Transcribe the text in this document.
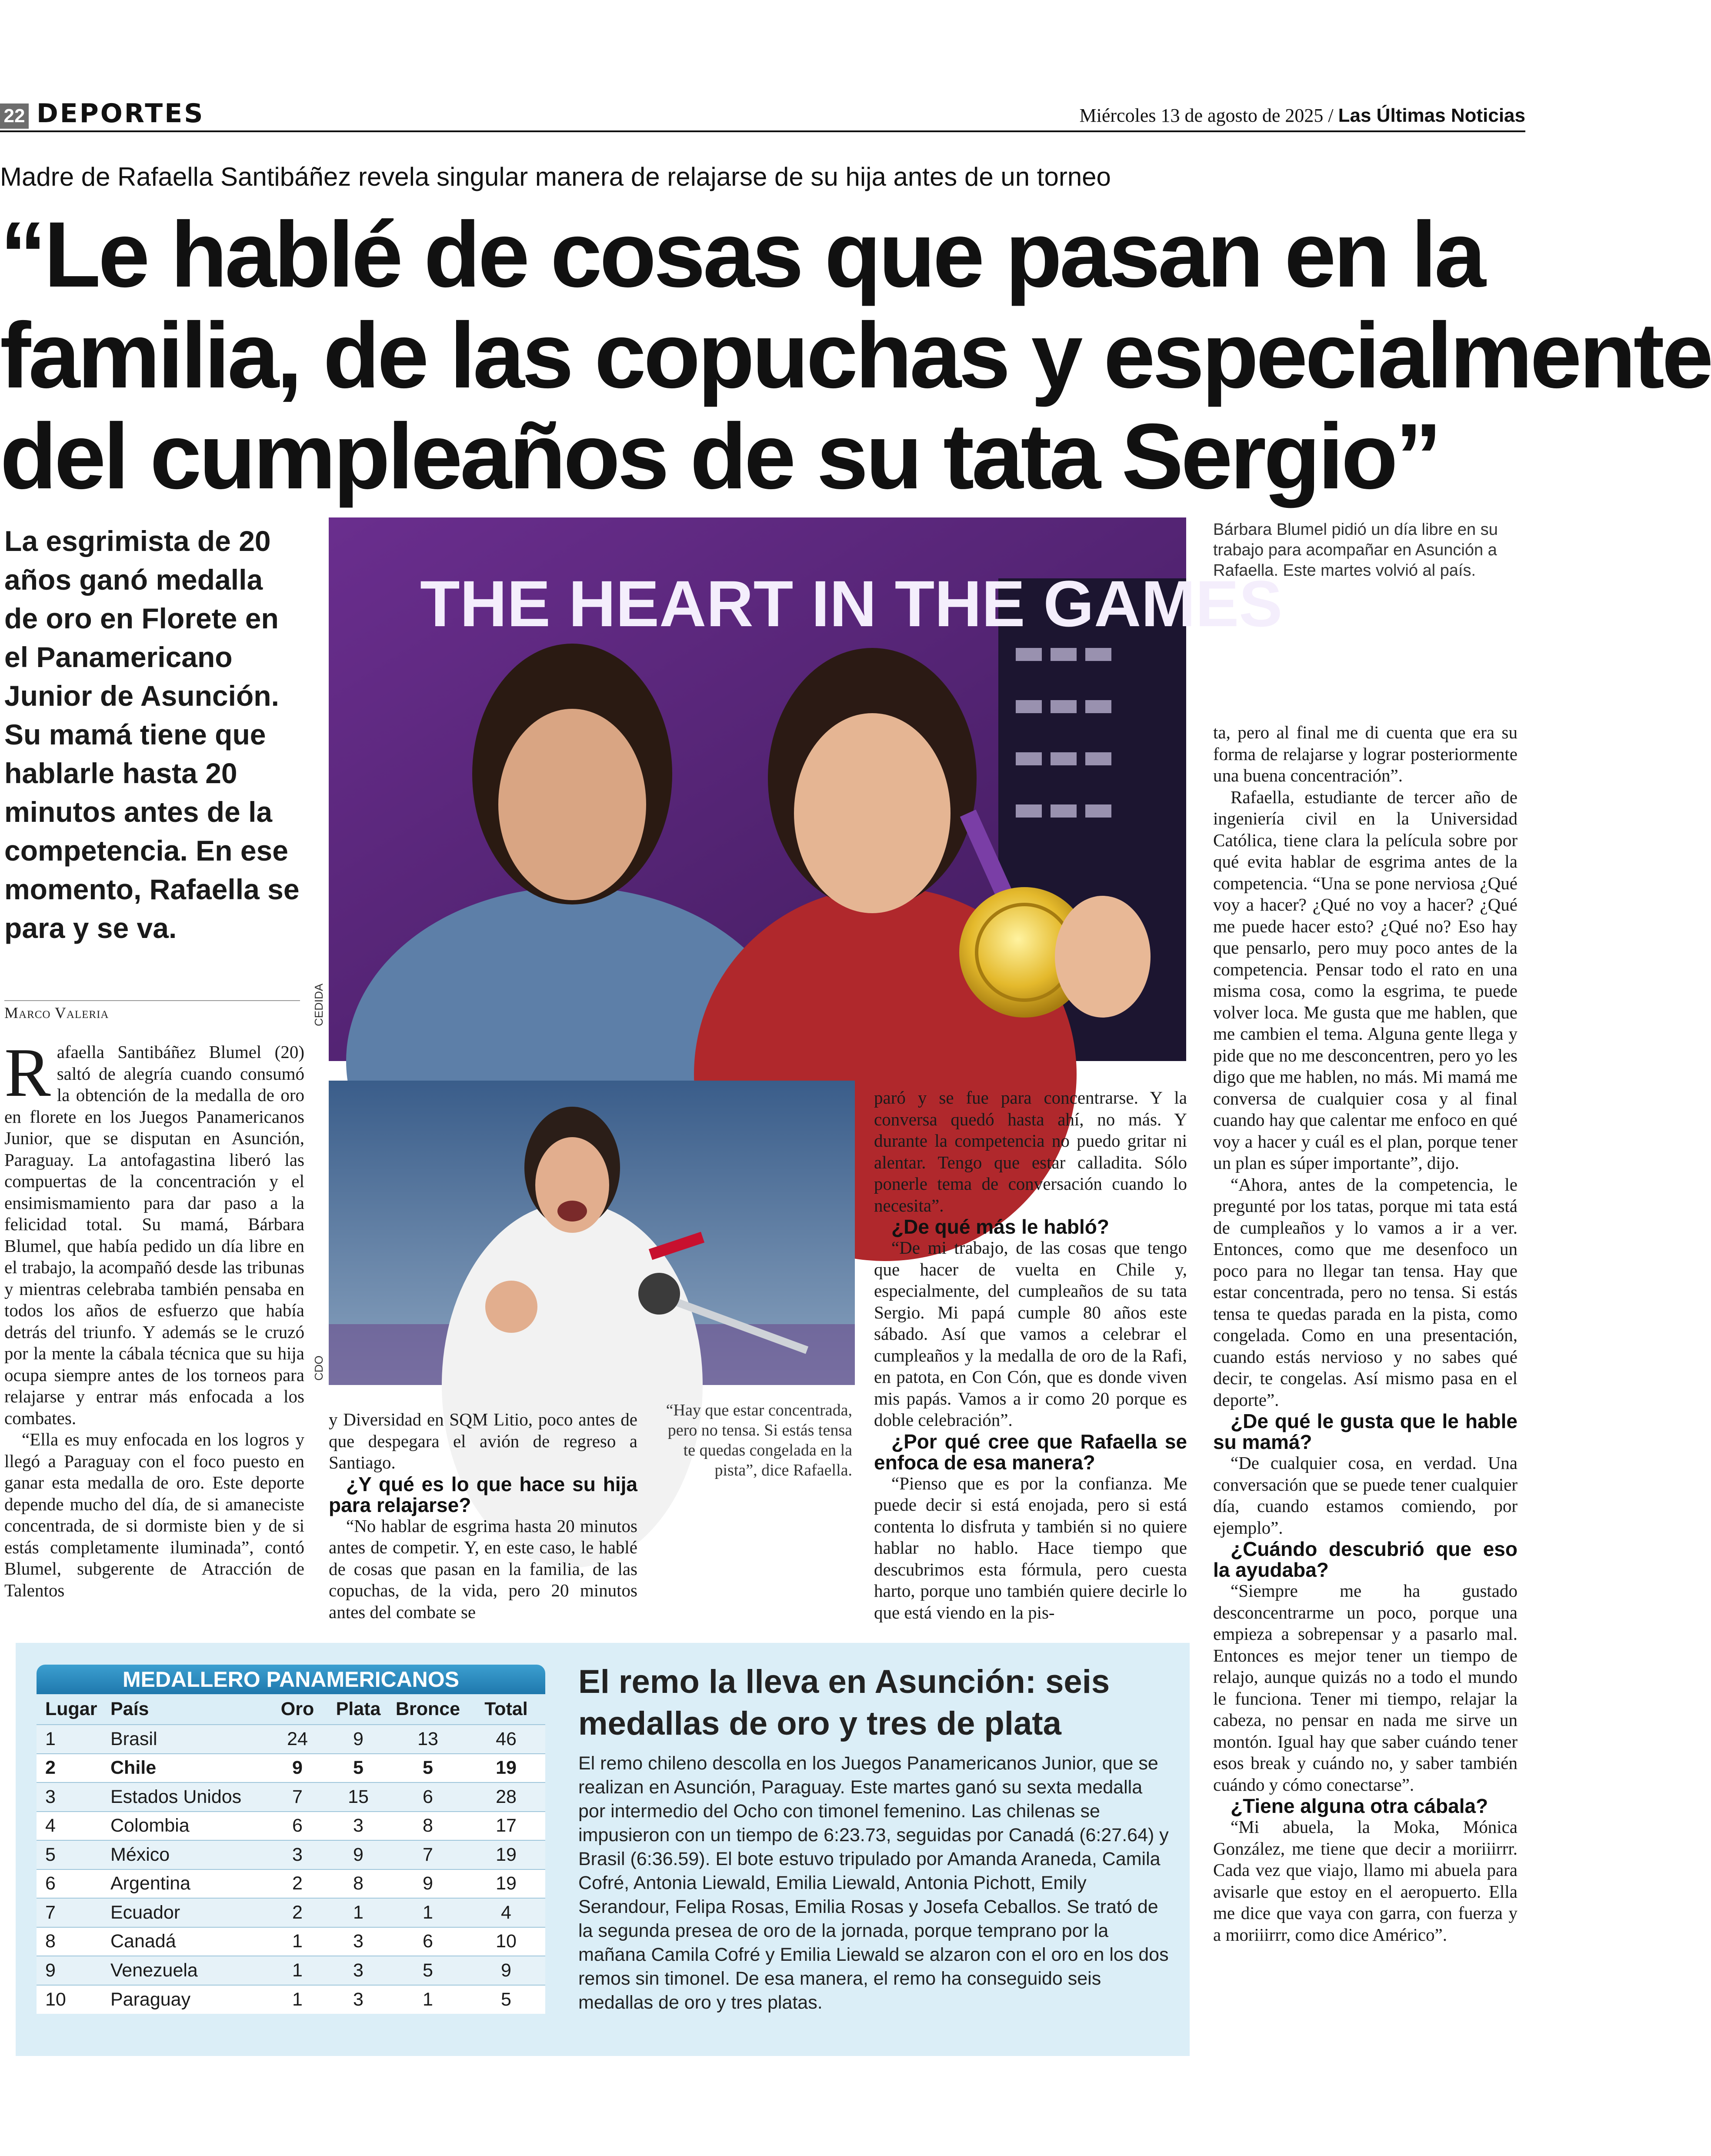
22 DEPORTES	Miércoles 13 de agosto de 2025 / Las Últimas Noticias
Madre de Rafaella Santibáñez revela singular manera de relajarse de su hija antes de un torneo
“Le hablé de cosas que pasan en la
familia, de las copuchas y especialmente
del cumpleaños de su tata Sergio”
La esgrimista de 20 años ganó medalla de oro en Florete en el Panamericano Junior de Asunción. Su mamá tiene que hablarle hasta 20 minutos antes de la competencia. En ese momento, Rafaella se para y se va.
Marco Valeria

Rafaella Santibáñez Blumel (20) saltó de alegría cuando consumó la obtención de la medalla de oro en florete en los Juegos Panamericanos Junior, que se disputan en Asunción, Paraguay. La antofagastina liberó las compuertas de la concentración y el ensimismamiento para dar paso a la felicidad total. Su mamá, Bárbara Blumel, que había pedido un día libre en el trabajo, la acompañó desde las tribunas y mientras celebraba también pensaba en todos los años de esfuerzo que había detrás del triunfo. Y además se le cruzó por la mente la cábala técnica que su hija ocupa siempre antes de los torneos para relajarse y entrar más enfocada a los combates.

“Ella es muy enfocada en los logros y llegó a Paraguay con el foco puesto en ganar esta medalla de oro. Este deporte depende mucho del día, de si amaneciste concentrada, de si dormiste bien y de si estás completamente iluminada”, contó Blumel, subgerente de Atracción de Talentos

THE HEART IN THE GAMES
CEDIDA
Bárbara Blumel pidió un día libre en su trabajo para acompañar en Asunción a Rafaella. Este martes volvió al país.
CDO
“Hay que estar concentrada, pero no tensa. Si estás tensa te quedas congelada en la pista”, dice Rafaella.

y Diversidad en SQM Litio, poco antes de que despegara el avión de regreso a Santiago.

¿Y qué es lo que hace su hija para relajarse?

“No hablar de esgrima hasta 20 minutos antes de competir. Y, en este caso, le hablé de cosas que pasan en la familia, de las copuchas, de la vida, pero 20 minutos antes del combate se

paró y se fue para concentrarse. Y la conversa quedó hasta ahí, no más. Y durante la competencia no puedo gritar ni alentar. Tengo que estar calladita. Sólo ponerle tema de conversación cuando lo necesita”.

¿De qué más le habló?

“De mi trabajo, de las cosas que tengo que hacer de vuelta en Chile y, especialmente, del cumpleaños de su tata Sergio. Mi papá cumple 80 años este sábado. Así que vamos a celebrar el cumpleaños y la medalla de oro de la Rafi, en patota, en Con Cón, que es donde viven mis papás. Vamos a ir como 20 porque es doble celebración”.

¿Por qué cree que Rafaella se enfoca de esa manera?

“Pienso que es por la confianza. Me puede decir si está enojada, pero si está contenta lo disfruta y también si no quiere hablar no hablo. Hace tiempo que descubrimos esta fórmula, pero cuesta harto, porque uno también quiere decirle lo que está viendo en la pis-

ta, pero al final me di cuenta que era su forma de relajarse y lograr posteriormente una buena concentración”.

Rafaella, estudiante de tercer año de ingeniería civil en la Universidad Católica, tiene clara la película sobre por qué evita hablar de esgrima antes de la competencia. “Una se pone nerviosa ¿Qué voy a hacer? ¿Qué no voy a hacer? ¿Qué me puede hacer esto? ¿Qué no? Eso hay que pensarlo, pero muy poco antes de la competencia. Pensar todo el rato en una misma cosa, como la esgrima, te puede volver loca. Me gusta que me hablen, que me cambien el tema. Alguna gente llega y pide que no me desconcentren, pero yo les digo que me hablen, no más. Mi mamá me conversa de cualquier cosa y al final cuando hay que calentar me enfoco en qué voy a hacer y cuál es el plan, porque tener un plan es súper importante”, dijo.

“Ahora, antes de la competencia, le pregunté por los tatas, porque mi tata está de cumpleaños y lo vamos a ir a ver. Entonces, como que me desenfoco un poco para no llegar tan tensa. Hay que estar concentrada, pero no tensa. Si estás tensa te quedas parada en la pista, como congelada. Como en una presentación, cuando estás nervioso y no sabes qué decir, te congelas. Así mismo pasa en el deporte”.

¿De qué le gusta que le hable su mamá?

“De cualquier cosa, en verdad. Una conversación que se puede tener cualquier día, cuando estamos comiendo, por ejemplo”.

¿Cuándo descubrió que eso la ayudaba?

“Siempre me ha gustado desconcentrarme un poco, porque una empieza a sobrepensar y a pasarlo mal. Entonces es mejor tener un tiempo de relajo, aunque quizás no a todo el mundo le funciona. Tener mi tiempo, relajar la cabeza, no pensar en nada me sirve un montón. Igual hay que saber cuándo tener esos break y cuándo no, y saber también cuándo y cómo conectarse”.

¿Tiene alguna otra cábala?

“Mi abuela, la Moka, Mónica González, me tiene que decir a moriiirrr. Cada vez que viajo, llamo mi abuela para avisarle que estoy en el aeropuerto. Ella me dice que vaya con garra, con fuerza y a moriiirrr, como dice Américo”.

MEDALLERO PANAMERICANOS
Lugar	País	Oro	Plata	Bronce	Total
1	Brasil	24	9	13	46
2	Chile	9	5	5	19
3	Estados Unidos	7	15	6	28
4	Colombia	6	3	8	17
5	México	3	9	7	19
6	Argentina	2	8	9	19
7	Ecuador	2	1	1	4
8	Canadá	1	3	6	10
9	Venezuela	1	3	5	9
10	Paraguay	1	3	1	5
El remo la lleva en Asunción: seis medallas de oro y tres de plata
El remo chileno descolla en los Juegos Panamericanos Junior, que se realizan en Asunción, Paraguay. Este martes ganó su sexta medalla por intermedio del Ocho con timonel femenino. Las chilenas se impusieron con un tiempo de 6:23.73, seguidas por Canadá (6:27.64) y Brasil (6:36.59). El bote estuvo tripulado por Amanda Araneda, Camila Cofré, Antonia Liewald, Emilia Liewald, Antonia Pichott, Emily Serandour, Felipa Rosas, Emilia Rosas y Josefa Ceballos. Se trató de la segunda presea de oro de la jornada, porque temprano por la mañana Camila Cofré y Emilia Liewald se alzaron con el oro en los dos remos sin timonel. De esa manera, el remo ha conseguido seis medallas de oro y tres platas.
